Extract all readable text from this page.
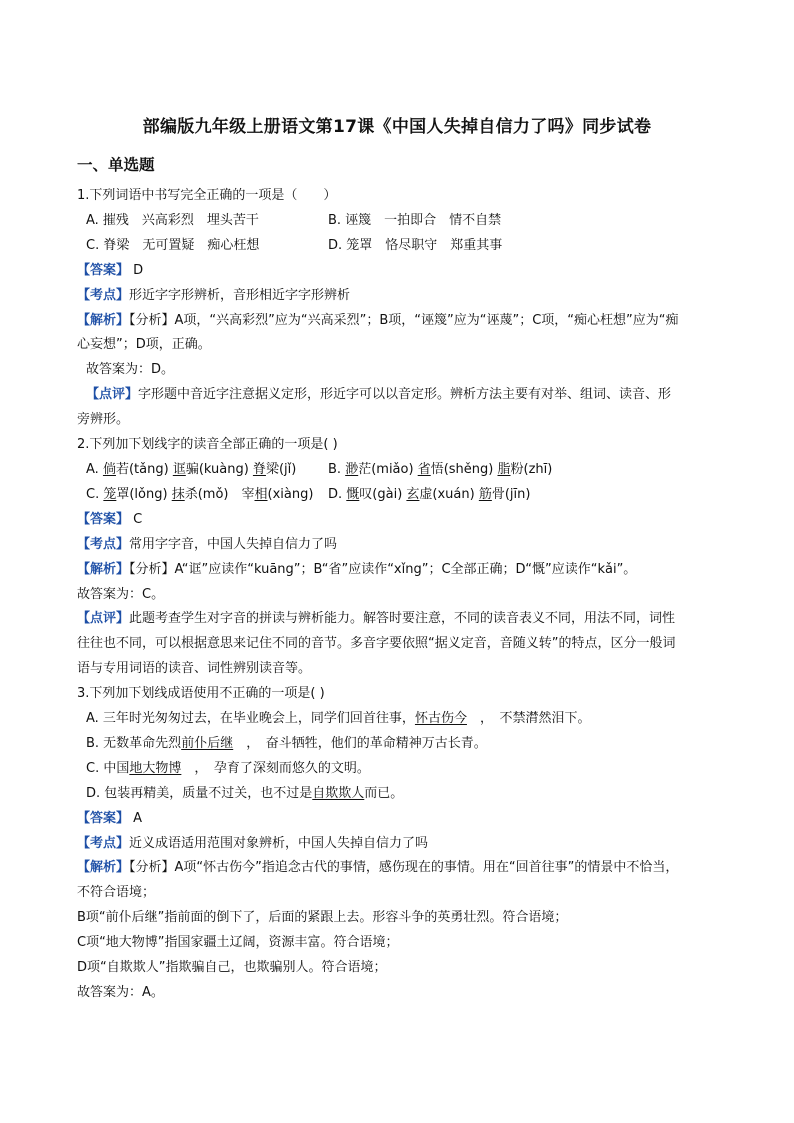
部编版九年级上册语文第17课《中国人失掉自信力了吗》同步试卷
一、单选题
1.下列词语中书写完全正确的一项是（　　）
A. 摧残　兴高彩烈　埋头苦干	B. 诬篾　一拍即合　情不自禁
C. 脊梁　无可置疑　痴心枉想	D. 笼罩　恪尽职守　郑重其事
【答案】 D
【考点】形近字字形辨析，音形相近字字形辨析
【解析】【分析】A项，“兴高彩烈”应为“兴高采烈”；B项，“诬篾”应为“诬蔑”；C项，“痴心枉想”应为“痴
心妄想”；D项，正确。
故答案为：D。
【点评】字形题中音近字注意据义定形，形近字可以以音定形。辨析方法主要有对举、组词、读音、形
旁辨形。
2.下列加下划线字的读音全部正确的一项是( )
A. 倘若(tǎng) 诓骗(kuàng) 脊梁(jǐ)	B. 渺茫(miǎo) 省悟(shěng) 脂粉(zhī)
C. 笼罩(lǒng) 抹杀(mǒ)　宰相(xiàng)	D. 慨叹(gài) 玄虚(xuán) 筋骨(jīn)
【答案】 C
【考点】常用字字音，中国人失掉自信力了吗
【解析】【分析】A“诓”应读作“kuāng”；B“省”应读作“xǐng”；C全部正确；D“慨”应读作“kǎi”。
故答案为：C。
【点评】此题考查学生对字音的拼读与辨析能力。解答时要注意，不同的读音表义不同，用法不同，词性
往往也不同，可以根据意思来记住不同的音节。多音字要依照“据义定音，音随义转”的特点，区分一般词
语与专用词语的读音、词性辨别读音等。
3.下列加下划线成语使用不正确的一项是( )
A. 三年时光匆匆过去，在毕业晚会上，同学们回首往事，怀古伤今　，　不禁潸然泪下。
B. 无数革命先烈前仆后继　，　奋斗牺牲，他们的革命精神万古长青。
C. 中国地大物博　，　孕育了深刻而悠久的文明。
D. 包装再精美，质量不过关，也不过是自欺欺人而已。
【答案】 A
【考点】近义成语适用范围对象辨析，中国人失掉自信力了吗
【解析】【分析】A项“怀古伤今”指追念古代的事情，感伤现在的事情。用在“回首往事”的情景中不恰当，
不符合语境；
B项“前仆后继”指前面的倒下了，后面的紧跟上去。形容斗争的英勇壮烈。符合语境；
C项“地大物博”指国家疆土辽阔，资源丰富。符合语境；
D项“自欺欺人”指欺骗自己，也欺骗别人。符合语境；
故答案为：A。
